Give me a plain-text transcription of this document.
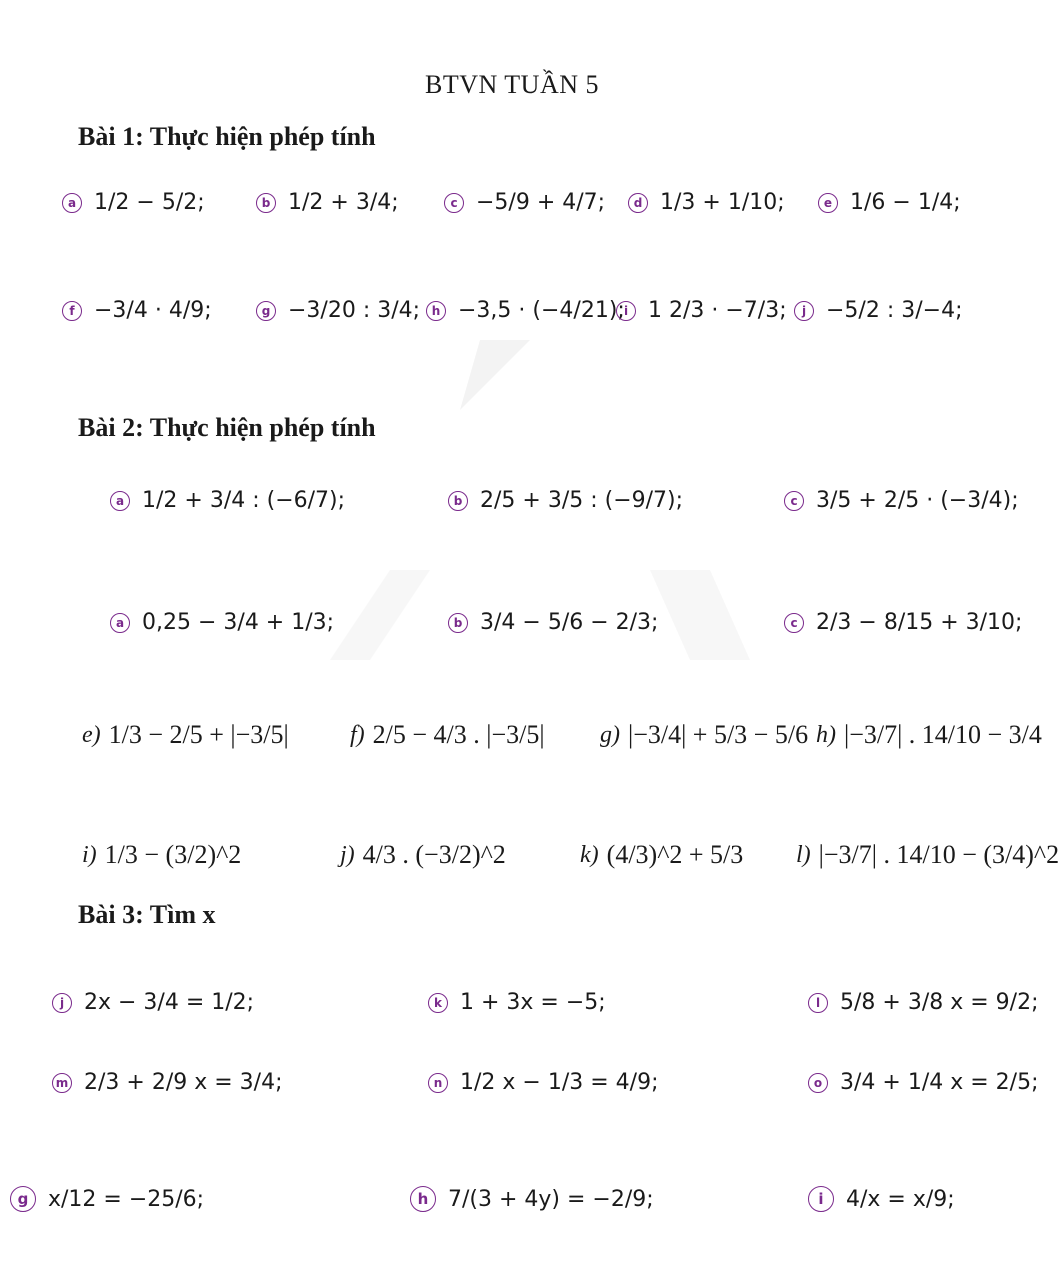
BTVN TUẦN 5
Bài 1: Thực hiện phép tính
Bài 2: Thực hiện phép tính
Bài 3: Tìm x
a 1/2 − 5/2;	b 1/2 + 3/4;	c −5/9 + 4/7;	d 1/3 + 1/10;	e 1/6 − 1/4;
f −3/4 · 4/9;	g −3/20 : 3/4; h −3,5 · (−4/21); i 1 2/3 · −7/3;	j −5/2 : 3/−4;
a 1/2 + 3/4 : (−6/7);	b 2/5 + 3/5 : (−9/7);	c 3/5 + 2/5 · (−3/4);
a 0,25 − 3/4 + 1/3;	b 3/4 − 5/6 − 2/3;	c 2/3 − 8/15 + 3/10;
e) 1/3 − 2/5 + |−3/5|	f) 2/5 − 4/3 . |−3/5| g) |−3/4| + 5/3 − 5/6 h) |−3/7| . 14/10 − 3/4
i) 1/3 − (3/2)^2	j) 4/3 . (−3/2)^2	k) (4/3)^2 + 5/3 l) |−3/7| . 14/10 − (3/4)^2
j 2x − 3/4 = 1/2;	k 1 + 3x = −5;	l 5/8 + 3/8 x = 9/2;
m 2/3 + 2/9 x = 3/4;	n 1/2 x − 1/3 = 4/9;	o 3/4 + 1/4 x = 2/5;
g x/12 = −25/6;	h 7/(3 + 4y) = −2/9;	i	4/x = x/9;
